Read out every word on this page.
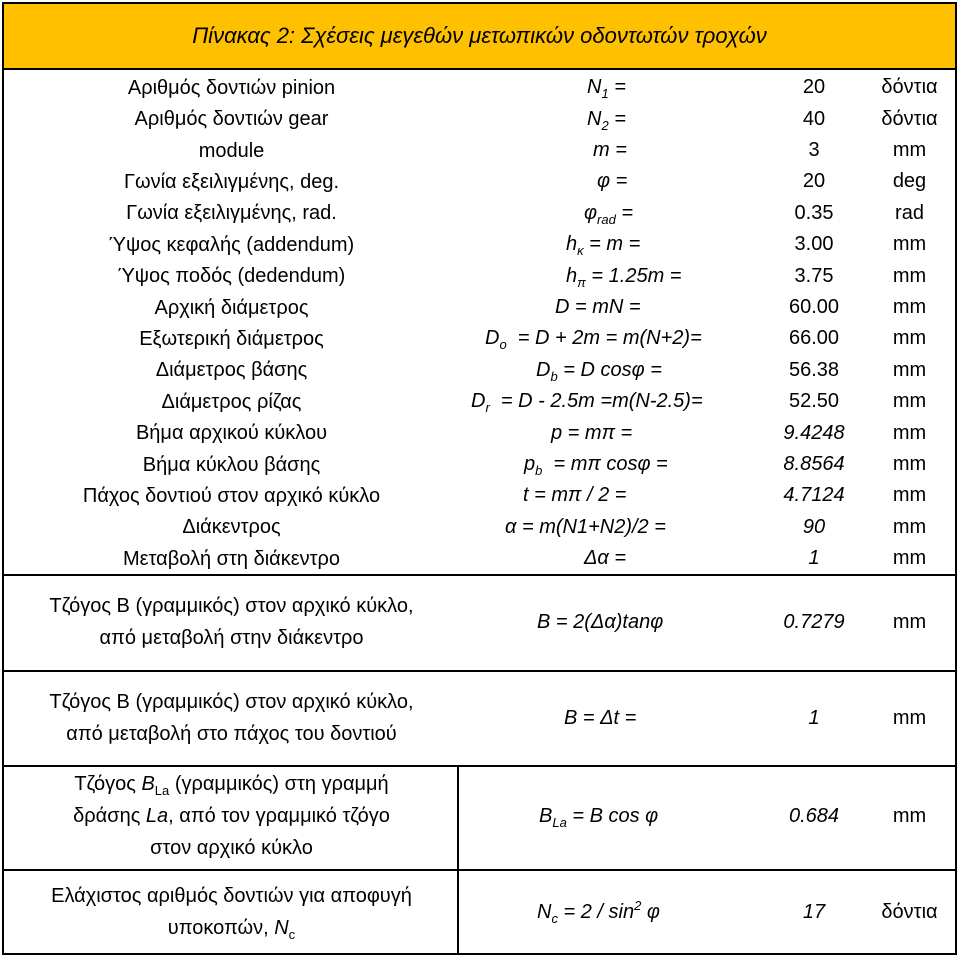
Πίνακας 2: Σχέσεις μεγεθών μετωπικών οδοντωτών τροχών
Αριθμός δοντιών pinion	$N_1$ =	20	δόντια
Αριθμός δοντιών gear	$N_2$ =	40	δόντια
module	m =	3	mm
Γωνία εξειλιγμένης, deg.	φ =	20	deg
Γωνία εξειλιγμένης, rad.	$\varphi_{rad}$ =	0.35	rad
Ύψος κεφαλής (addendum)	$h_\kappa = m$ =	3.00	mm
Ύψος ποδός (dedendum)	$h_\pi = 1.25m$ =	3.75	mm
Αρχική διάμετρος	D = mN =	60.00	mm
Εξωτερική διάμετρος	$D_o = D + 2m = m(N+2)=$	66.00	mm
Διάμετρος βάσης	$D_b = D$ cosφ =	56.38	mm
Διάμετρος ρίζας	$D_r = D - 2.5m =m(N-2.5)=$	52.50	mm
Βήμα αρχικού κύκλου	p = mπ =	9.4248	mm
Βήμα κύκλου βάσης	$p_b = m\pi$ cosφ =	8.8564	mm
Πάχος δοντιού στον αρχικό κύκλο	t = mπ / 2 =	4.7124	mm
Διάκεντρος	α = m(N1+N2)/2 =	90	mm
Μεταβολή στη διάκεντρο	Δα =	1	mm
Τζόγος Β (γραμμικός) στον αρχικό κύκλο,
από μεταβολή στην διάκεντρο
B = 2(Δα)tanφ	0.7279	mm
Τζόγος Β (γραμμικός) στον αρχικό κύκλο,
από μεταβολή στο πάχος του δοντιού
B = Δt =	1	mm
Τζόγος $B_{La}$ (γραμμικός) στη γραμμή
δράσης La, από τον γραμμικό τζόγο
στον αρχικό κύκλο
$B_{La} = B$ cos φ	0.684	mm
Ελάχιστος αριθμός δοντιών για αποφυγή
υποκοπών, $N_c$
$N_c = 2 / \sin^2 \varphi$	17	δόντια
